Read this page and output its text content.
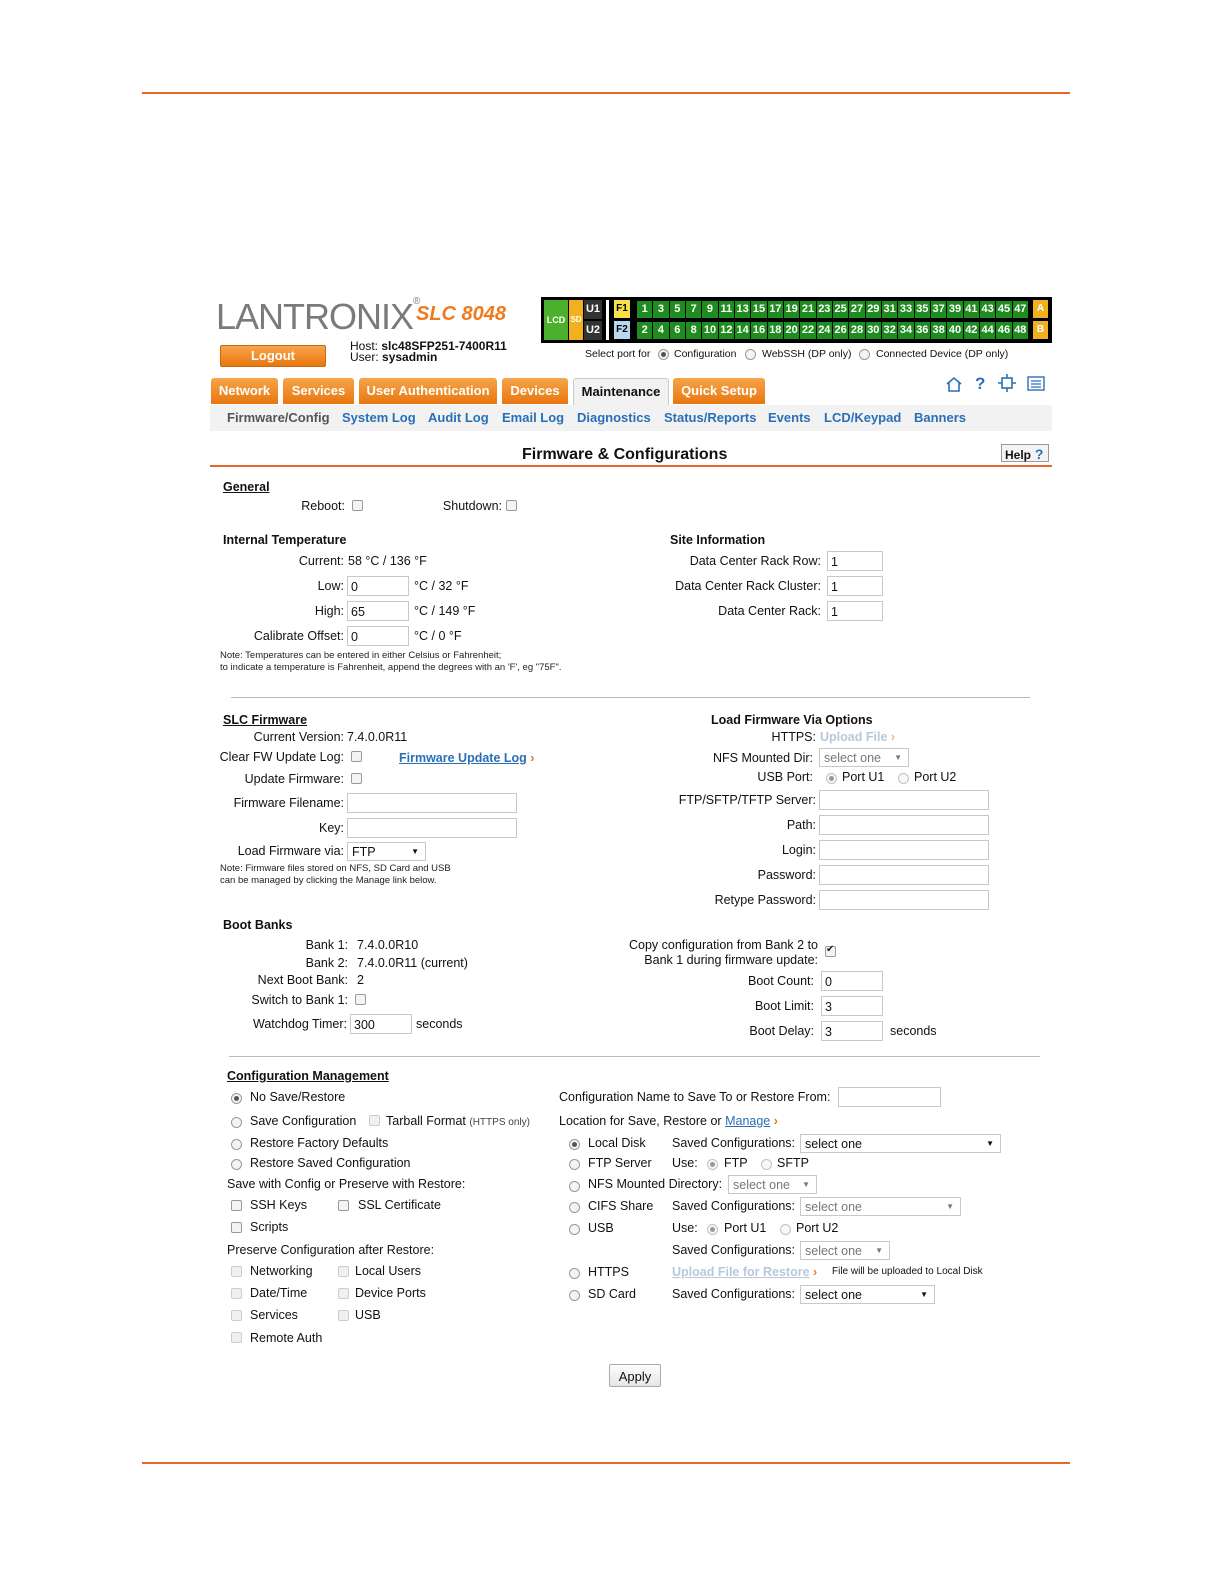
LANTRONIX®
SLC 8048
Logout
Host: slc48SFP251-7400R11
User: sysadmin
LCD SD
U1
U2
F1
F2
1 3 5 7 9 11 13 15 17 19 21 23 25 27 29 31 33 35 37 39 41 43 45 47
2 4 6 8 10 12 14 16 18 20 22 24 26 28 30 32 34 36 38 40 42 44 46 48
A
B
Select port for Configuration WebSSH (DP only) Connected Device (DP only)
Network	Services	User Authentication	Devices	Maintenance	Quick Setup	?
Firmware/Config System Log Audit Log Email Log Diagnostics Status/Reports Events LCD/Keypad Banners
Firmware & Configurations	Help ?
General
Reboot:	Shutdown:
Internal Temperature
Current: 58 °C / 136 °F
Low: 0	°C / 32 °F
High: 65	°C / 149 °F
Calibrate Offset: 0	°C / 0 °F
Note: Temperatures can be entered in either Celsius or Fahrenheit;
to indicate a temperature is Fahrenheit, append the degrees with an 'F', eg "75F".
Site Information
Data Center Rack Row: 1
Data Center Rack Cluster: 1
Data Center Rack: 1
SLC Firmware
Current Version: 7.4.0.0R11
Clear FW Update Log:	Firmware Update Log ›
Update Firmware:
Firmware Filename:
Key:
Load Firmware via: FTP ▼
Note: Firmware files stored on NFS, SD Card and USB
can be managed by clicking the Manage link below.
Load Firmware Via Options
HTTPS: Upload File ›
NFS Mounted Dir: select one ▼
USB Port: Port U1 Port U2
FTP/SFTP/TFTP Server:
Path:
Login:
Password:
Retype Password:
Boot Banks
Bank 1: 7.4.0.0R10
Bank 2: 7.4.0.0R11 (current)
Next Boot Bank: 2
Switch to Bank 1:
Watchdog Timer: 300	seconds
Copy configuration from Bank 2 to
Bank 1 during firmware update:
✔
Boot Count: 0
Boot Limit: 3
Boot Delay: 3	seconds
Configuration Management
No Save/Restore
Save Configuration Tarball Format (HTTPS only)
Restore Factory Defaults
Restore Saved Configuration
Save with Config or Preserve with Restore:
SSH Keys	SSL Certificate
Scripts
Preserve Configuration after Restore:
Networking	Local Users
Date/Time	Device Ports
Services	USB
Remote Auth
Configuration Name to Save To or Restore From:
Location for Save, Restore or Manage ›
Local Disk Saved Configurations: select one ▼
FTP Server Use: FTP SFTP
NFS Mounted Directory: select one ▼
CIFS Share Saved Configurations: select one ▼
USB	Use: Port U1 Port U2
Saved Configurations: select one ▼
HTTPS	Upload File for Restore › File will be uploaded to Local Disk
SD Card	Saved Configurations: select one ▼
Apply
